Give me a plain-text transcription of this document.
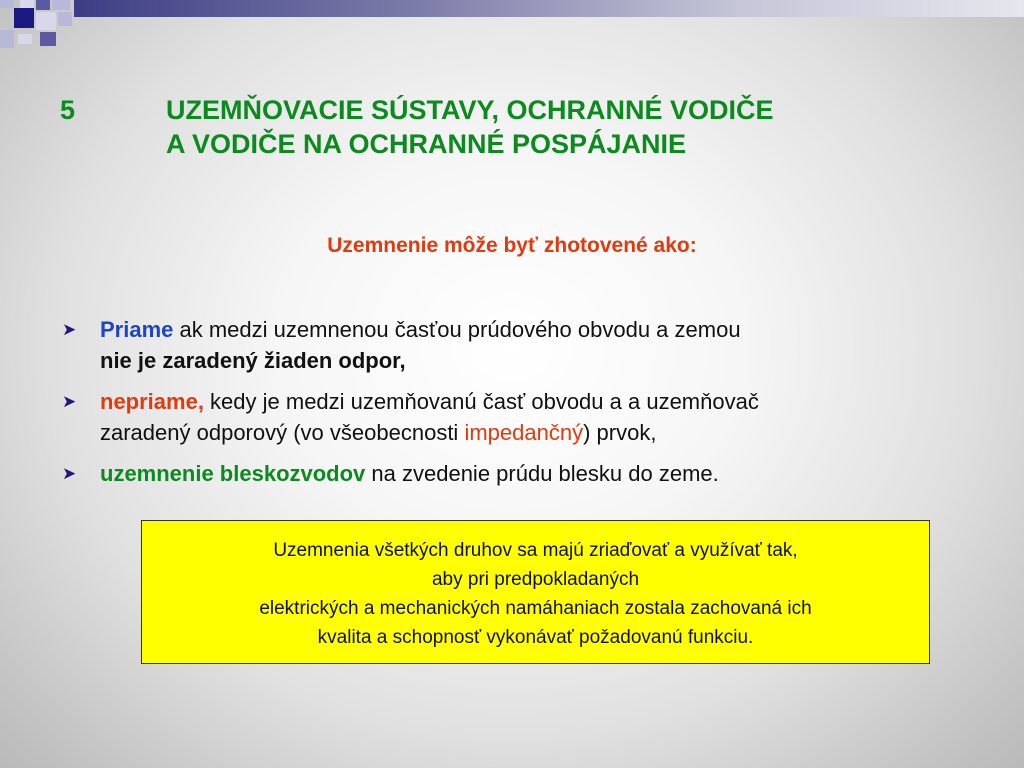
5	UZEMŇOVACIE SÚSTAVY, OCHRANNÉ VODIČE
A VODIČE NA OCHRANNÉ POSPÁJANIE
Uzemnenie môže byť zhotovené ako:
➤ Priame ak medzi uzemnenou časťou prúdového obvodu a zemou
nie je zaradený žiaden odpor,
➤ nepriame, kedy je medzi uzemňovanú časť obvodu a a uzemňovač
zaradený odporový (vo všeobecnosti impedančný) prvok,
➤ uzemnenie bleskozvodov na zvedenie prúdu blesku do zeme.
Uzemnenia všetkých druhov sa majú zriaďovať a využívať tak,
aby pri predpokladaných
elektrických a mechanických namáhaniach zostala zachovaná ich
kvalita a schopnosť vykonávať požadovanú funkciu.
